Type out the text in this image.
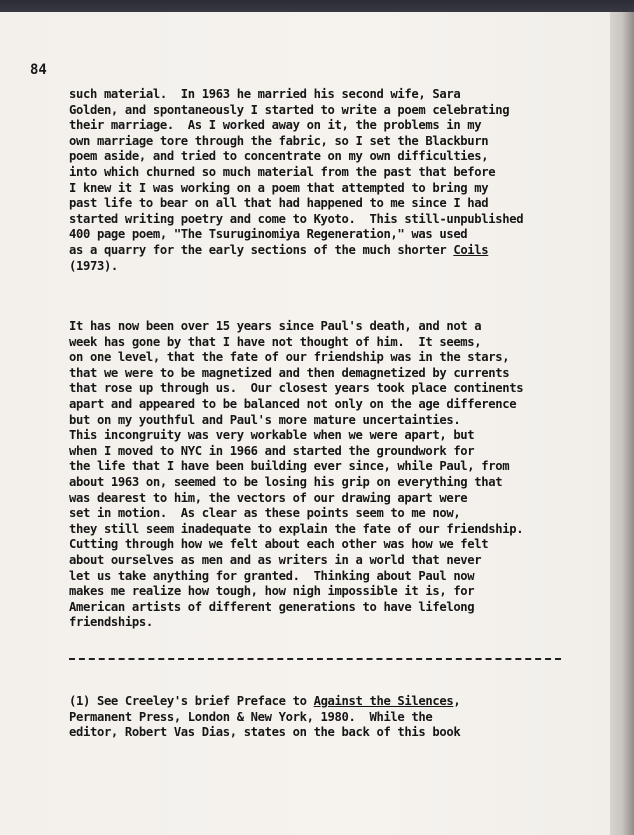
84
such material.  In 1963 he married his second wife, Sara
Golden, and spontaneously I started to write a poem celebrating
their marriage.  As I worked away on it, the problems in my
own marriage tore through the fabric, so I set the Blackburn
poem aside, and tried to concentrate on my own difficulties,
into which churned so much material from the past that before
I knew it I was working on a poem that attempted to bring my
past life to bear on all that had happened to me since I had
started writing poetry and come to Kyoto.  This still-unpublished
400 page poem, "The Tsuruginomiya Regeneration," was used
as a quarry for the early sections of the much shorter Coils
(1973).
It has now been over 15 years since Paul's death, and not a
week has gone by that I have not thought of him.  It seems,
on one level, that the fate of our friendship was in the stars,
that we were to be magnetized and then demagnetized by currents
that rose up through us.  Our closest years took place continents
apart and appeared to be balanced not only on the age difference
but on my youthful and Paul's more mature uncertainties.
This incongruity was very workable when we were apart, but
when I moved to NYC in 1966 and started the groundwork for
the life that I have been building ever since, while Paul, from
about 1963 on, seemed to be losing his grip on everything that
was dearest to him, the vectors of our drawing apart were
set in motion.  As clear as these points seem to me now,
they still seem inadequate to explain the fate of our friendship.
Cutting through how we felt about each other was how we felt
about ourselves as men and as writers in a world that never
let us take anything for granted.  Thinking about Paul now
makes me realize how tough, how nigh impossible it is, for
American artists of different generations to have lifelong
friendships.
(1) See Creeley's brief Preface to Against the Silences,
Permanent Press, London & New York, 1980.  While the
editor, Robert Vas Dias, states on the back of this book
